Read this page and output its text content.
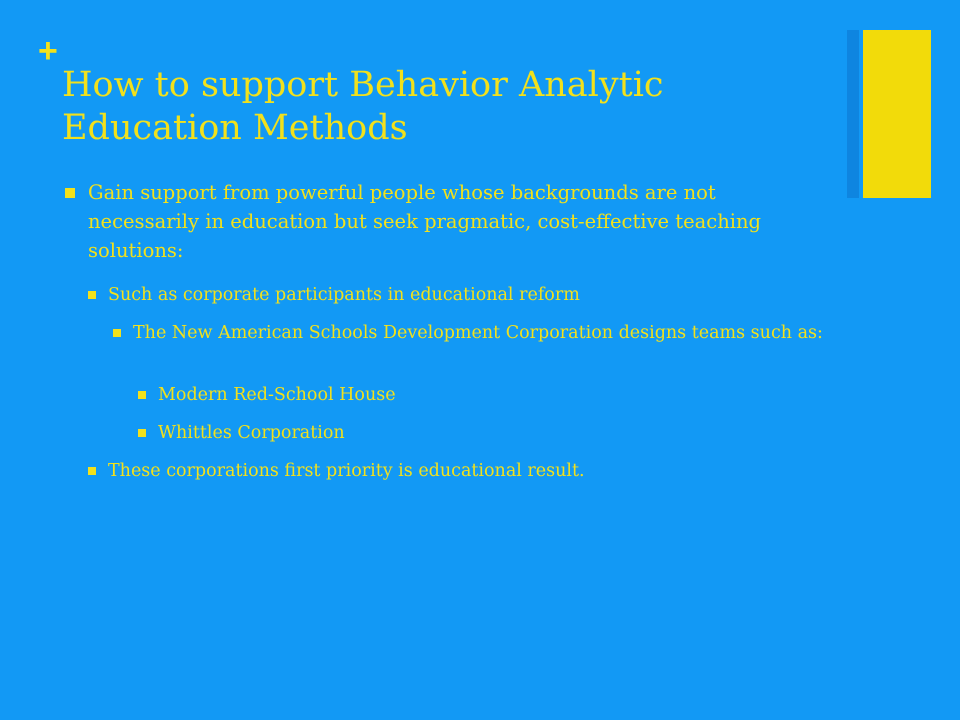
+
How to support Behavior Analytic
Education Methods
Gain support from powerful people whose backgrounds are not necessarily in education but seek pragmatic, cost-effective teaching solutions:
Such as corporate participants in educational reform
The New American Schools Development Corporation designs teams such as:
Modern Red-School House
Whittles Corporation
These corporations first priority is educational result.
